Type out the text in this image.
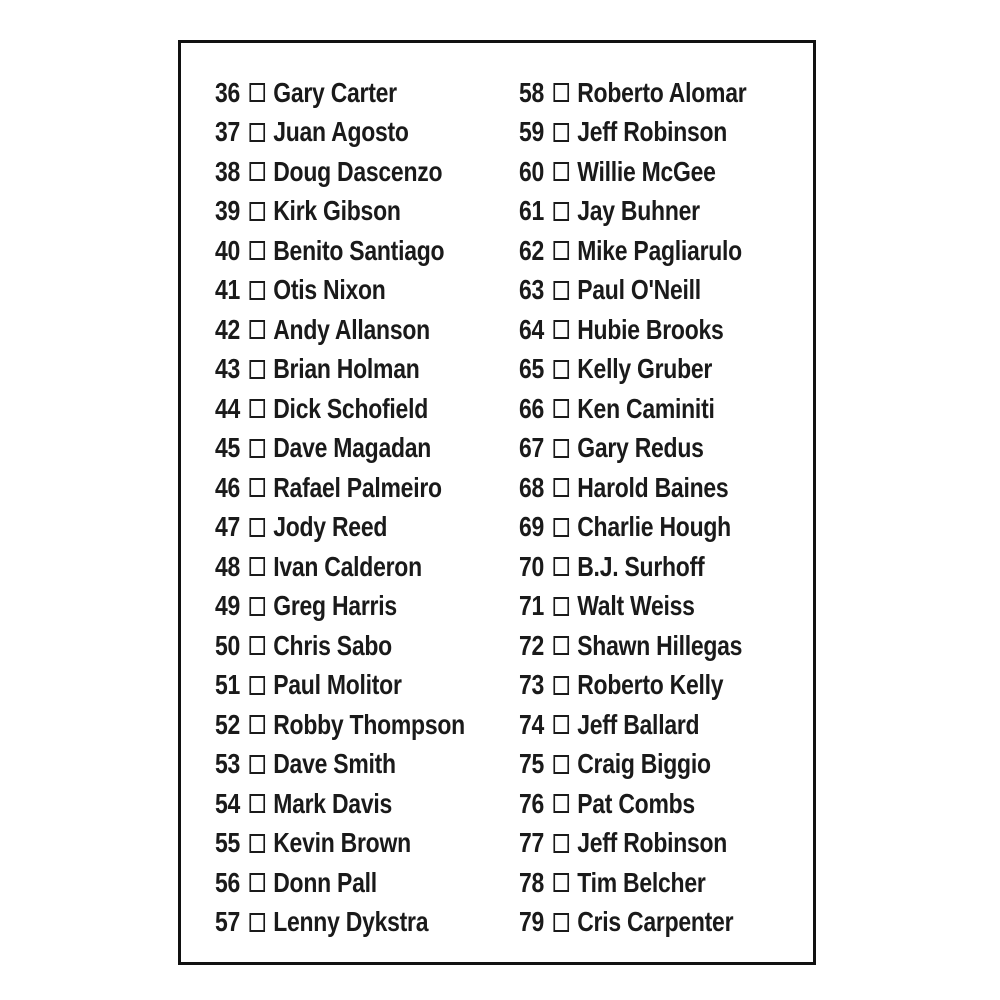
36 Gary Carter
37 Juan Agosto
38 Doug Dascenzo
39 Kirk Gibson
40 Benito Santiago
41 Otis Nixon
42 Andy Allanson
43 Brian Holman
44 Dick Schofield
45 Dave Magadan
46 Rafael Palmeiro
47 Jody Reed
48 Ivan Calderon
49 Greg Harris
50 Chris Sabo
51 Paul Molitor
52 Robby Thompson
53 Dave Smith
54 Mark Davis
55 Kevin Brown
56 Donn Pall
57 Lenny Dykstra
58 Roberto Alomar
59 Jeff Robinson
60 Willie McGee
61 Jay Buhner
62 Mike Pagliarulo
63 Paul O'Neill
64 Hubie Brooks
65 Kelly Gruber
66 Ken Caminiti
67 Gary Redus
68 Harold Baines
69 Charlie Hough
70 B.J. Surhoff
71 Walt Weiss
72 Shawn Hillegas
73 Roberto Kelly
74 Jeff Ballard
75 Craig Biggio
76 Pat Combs
77 Jeff Robinson
78 Tim Belcher
79 Cris Carpenter
